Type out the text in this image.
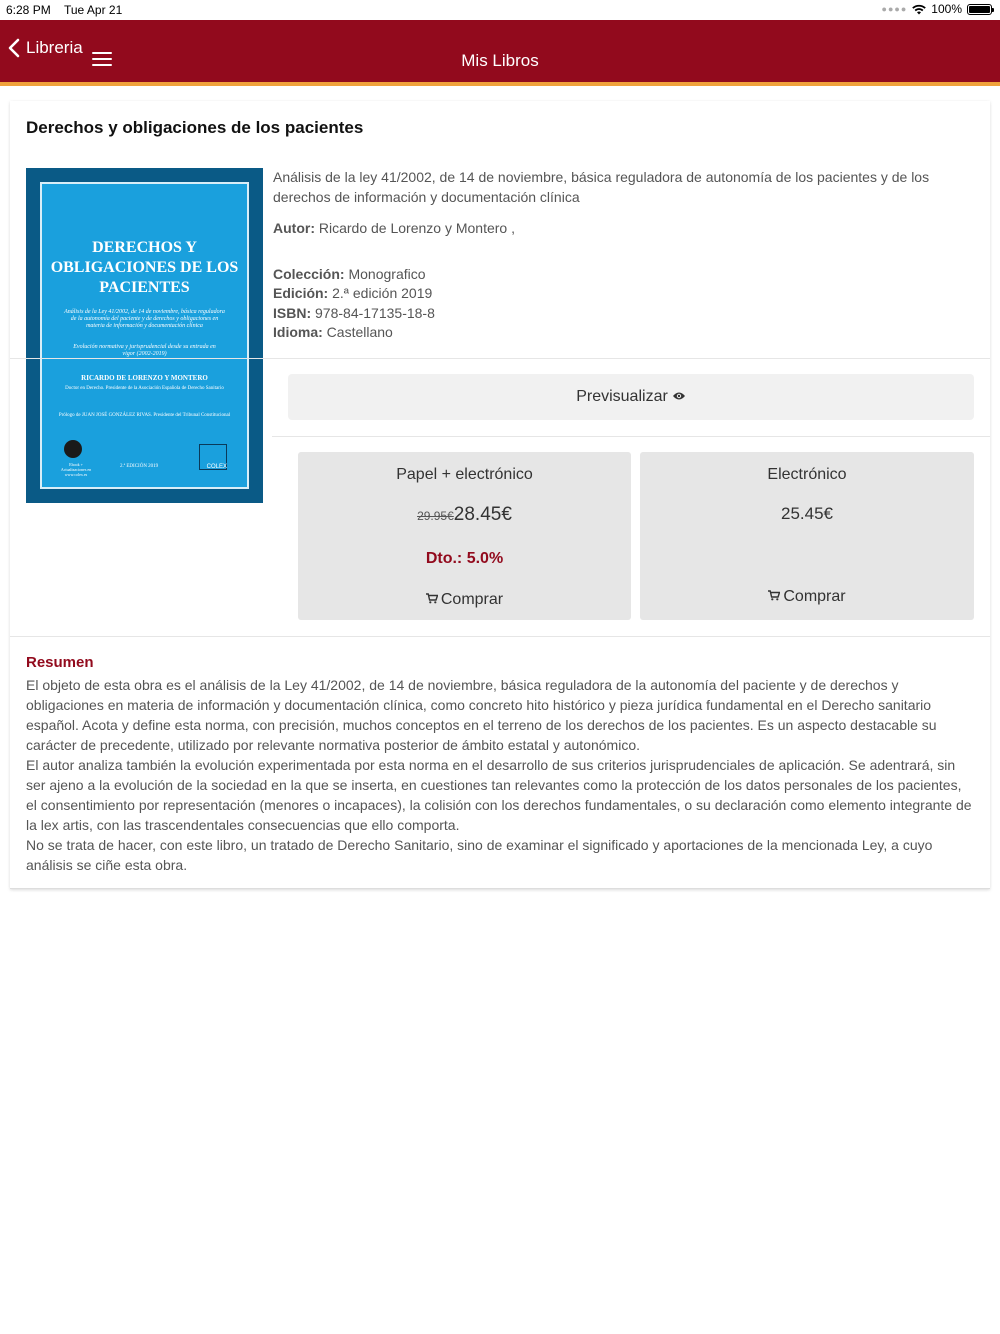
6:28 PM Tue Apr 21	●●●● 100%
Libreria
Mis Libros
Derechos y obligaciones de los pacientes
DERECHOS Y OBLIGACIONES DE LOS PACIENTES
Análisis de la Ley 41/2002, de 14 de noviembre, básica reguladora de la autonomía del paciente y de derechos y obligaciones en materia de información y documentación clínica
Evolución normativa y jurisprudencial desde su entrada en vigor (2002-2019)
RICARDO DE LORENZO Y MONTERO
Doctor en Derecho. Presidente de la Asociación Española de Derecho Sanitario
Prólogo de JUAN JOSÉ GONZÁLEZ RIVAS. Presidente del Tribunal Constitucional
Ebook + Actualizaciones en www.colex.es
2.ª EDICIÓN 2019	COLEX
Análisis de la ley 41/2002, de 14 de noviembre, básica reguladora de autonomía de los pacientes y de los derechos de información y documentación clínica
Autor: Ricardo de Lorenzo y Montero ,
Colección: Monografico
Edición: 2.ª edición 2019
ISBN: 978-84-17135-18-8
Idioma: Castellano
Previsualizar
Papel + electrónico
29.95€28.45€
Dto.: 5.0%
Comprar
Electrónico
25.45€
Comprar
Resumen

El objeto de esta obra es el análisis de la Ley 41/2002, de 14 de noviembre, básica reguladora de la autonomía del paciente y de derechos y obligaciones en materia de información y documentación clínica, como concreto hito histórico y pieza jurídica fundamental en el Derecho sanitario español. Acota y define esta norma, con precisión, muchos conceptos en el terreno de los derechos de los pacientes. Es un aspecto destacable su carácter de precedente, utilizado por relevante normativa posterior de ámbito estatal y autonómico.

El autor analiza también la evolución experimentada por esta norma en el desarrollo de sus criterios jurisprudenciales de aplicación. Se adentrará, sin ser ajeno a la evolución de la sociedad en la que se inserta, en cuestiones tan relevantes como la protección de los datos personales de los pacientes, el consentimiento por representación (menores o incapaces), la colisión con los derechos fundamentales, o su declaración como elemento integrante de la lex artis, con las trascendentales consecuencias que ello comporta.

No se trata de hacer, con este libro, un tratado de Derecho Sanitario, sino de examinar el significado y aportaciones de la mencionada Ley, a cuyo análisis se ciñe esta obra.
